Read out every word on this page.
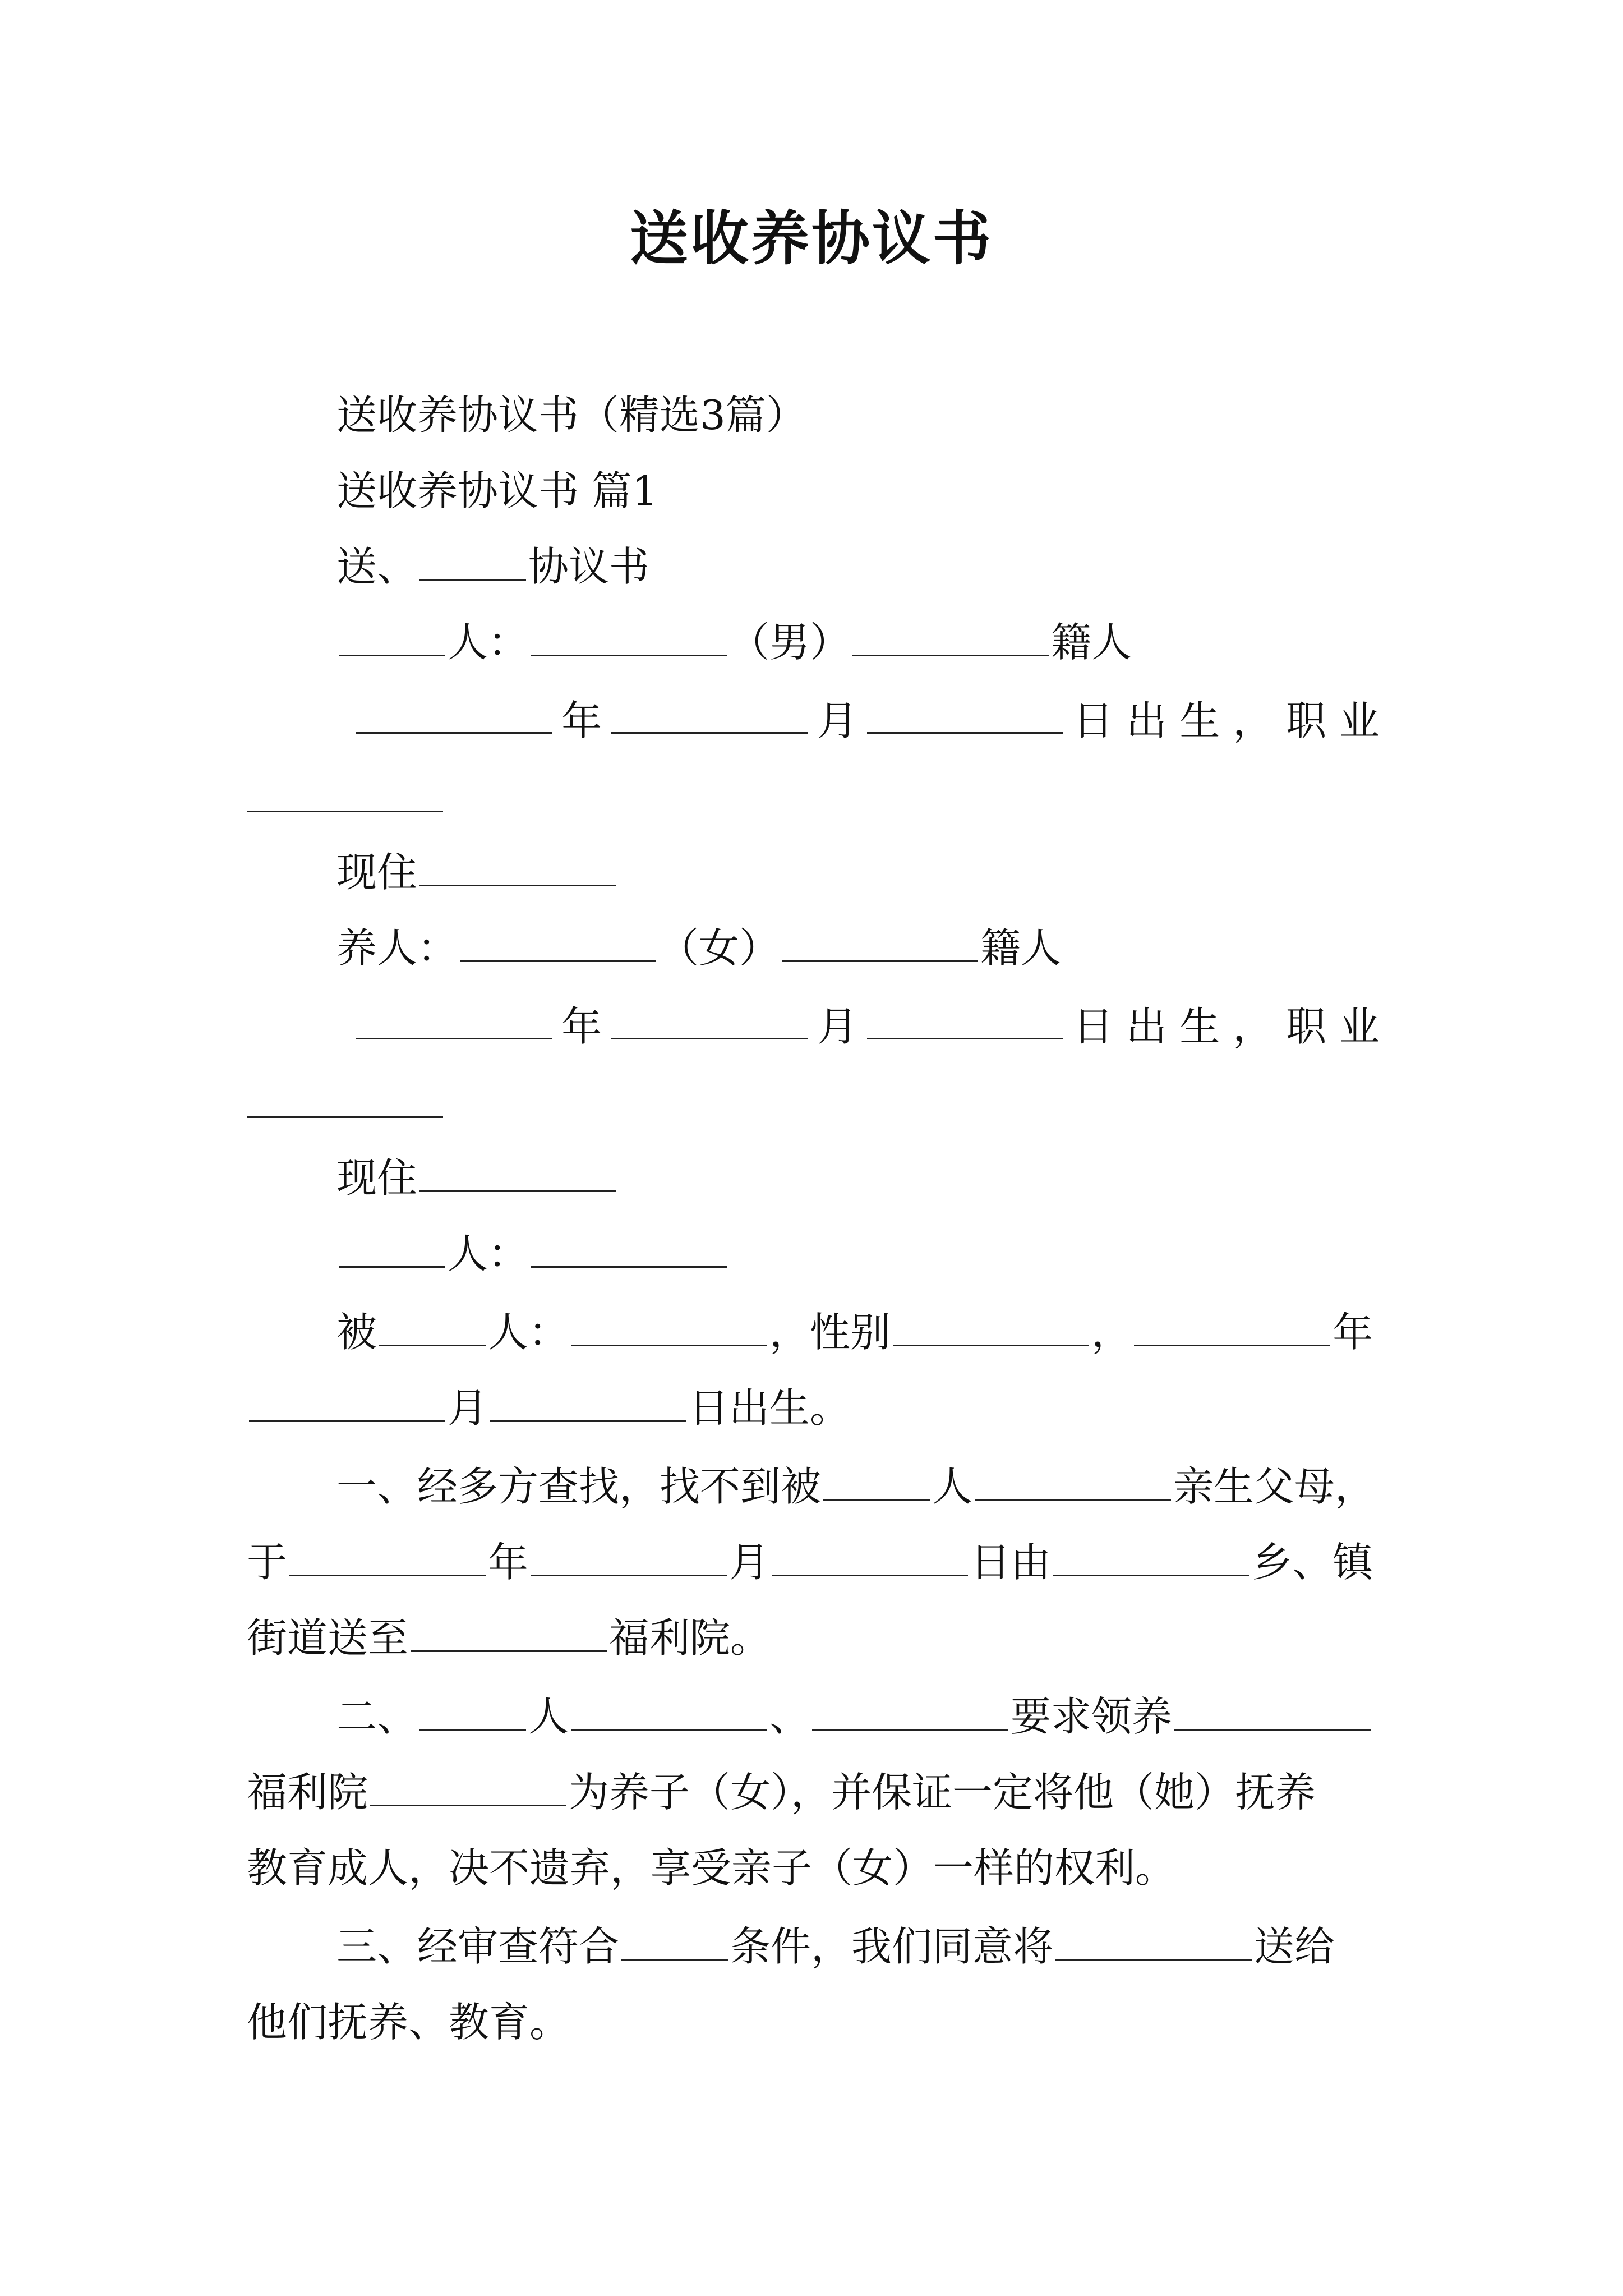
送收养协议书
送收养协议书（精选3篇）
送收养协议书 篇1
送、	协议书
人：	（男）	籍人
年	月	日 出 生 ， 职 业
现住
养人：	（女）	籍人
年	月	日 出 生 ， 职 业
现住
人：
被	人：	，性别	，	年
月	日出生。
一、经多方查找，找不到被	人	亲生父母，
于	年	月	日由	乡、镇
街道送至	福利院。
二、	人	、	要求领养
福利院	为养子（女），并保证一定将他（她）抚养
教育成人，决不遗弃，享受亲子（女）一样的权利。
三、经审查符合	条件，我们同意将	送给
他们抚养、教育。
